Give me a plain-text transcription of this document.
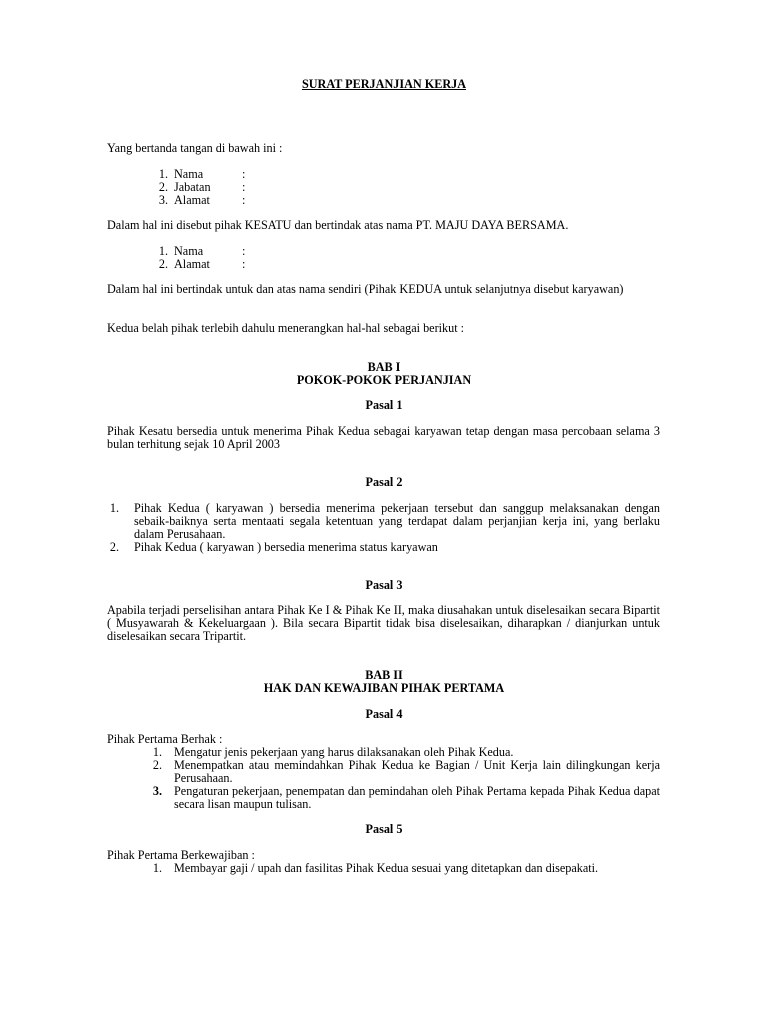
SURAT PERJANJIAN KERJA
Yang bertanda tangan di bawah ini :
1. Nama	:
2. Jabatan	:
3. Alamat	:
Dalam hal ini disebut pihak KESATU dan bertindak atas nama PT. MAJU DAYA BERSAMA.
1. Nama	:
2. Alamat	:
Dalam hal ini bertindak untuk dan atas nama sendiri (Pihak KEDUA untuk selanjutnya disebut karyawan)
Kedua belah pihak terlebih dahulu menerangkan hal-hal sebagai berikut :
BAB I
POKOK-POKOK PERJANJIAN
Pasal 1
Pihak Kesatu bersedia untuk menerima Pihak Kedua sebagai karyawan tetap dengan masa percobaan selama 3 bulan terhitung sejak 10 April 2003
Pasal 2
1. Pihak Kedua ( karyawan ) bersedia menerima pekerjaan tersebut dan sanggup melaksanakan dengan sebaik-baiknya serta mentaati segala ketentuan yang terdapat dalam perjanjian kerja ini, yang berlaku dalam Perusahaan.
2. Pihak Kedua ( karyawan ) bersedia menerima status karyawan
Pasal 3
Apabila terjadi perselisihan antara Pihak Ke I & Pihak Ke II, maka diusahakan untuk diselesaikan secara Bipartit ( Musyawarah & Kekeluargaan ). Bila secara Bipartit tidak bisa diselesaikan, diharapkan / dianjurkan untuk diselesaikan secara Tripartit.
BAB II
HAK DAN KEWAJIBAN PIHAK PERTAMA
Pasal 4
Pihak Pertama Berhak :
1. Mengatur jenis pekerjaan yang harus dilaksanakan oleh Pihak Kedua.
2. Menempatkan atau memindahkan Pihak Kedua ke Bagian / Unit Kerja lain dilingkungan kerja Perusahaan.
3. Pengaturan pekerjaan, penempatan dan pemindahan oleh Pihak Pertama kepada Pihak Kedua dapat secara lisan maupun tulisan.
Pasal 5
Pihak Pertama Berkewajiban :
1. Membayar gaji / upah dan fasilitas Pihak Kedua sesuai yang ditetapkan dan disepakati.
